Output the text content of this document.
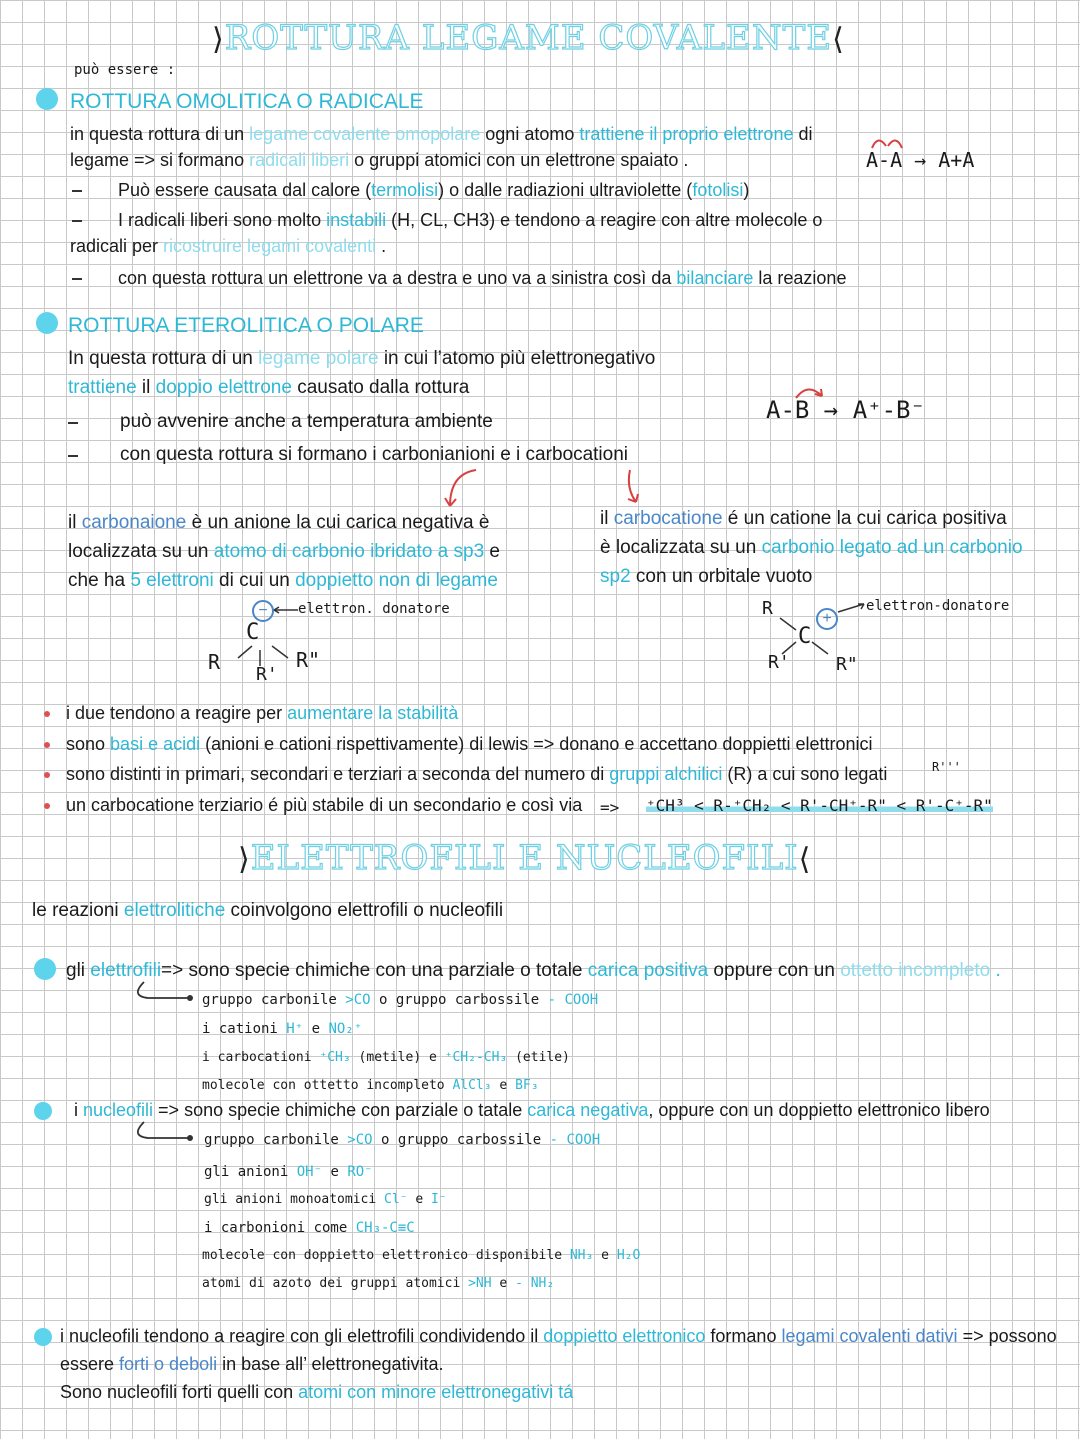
⟩ROTTURA LEGAME COVALENTE⟨
può essere :
ROTTURA OMOLITICA O RADICALE
in questa rottura di un legame covalente omopolare ogni atomo trattiene il proprio elettrone di
legame => si formano radicali liberi o gruppi atomici con un elettrone spaiato .
Può essere causata dal calore (termolisi) o dalle radiazioni ultraviolette (fotolisi)
I radicali liberi sono molto instabili (H, CL, CH3) e tendono a reagire con altre molecole o
radicali per ricostruire legami covalenti .
con questa rottura un elettrone va a destra e uno va a sinistra così da bilanciare la reazione
A-A → A+A
ROTTURA ETEROLITICA O POLARE
In questa rottura di un legame polare in cui l’atomo più elettronegativo
trattiene il doppio elettrone causato dalla rottura
può avvenire anche a temperatura ambiente
con questa rottura si formano i carbonianioni e i carbocationi
A-B → A⁺-B⁻
il carbonaione è un anione la cui carica negativa è
localizzata su un atomo di carbonio ibridato a sp3 e
che ha 5 elettroni di cui un doppietto non di legame
−	elettron. donatore
C
R
R'
R"
il carbocatione é un catione la cui carica positiva
è localizzata su un carbonio legato ad un carbonio
sp2 con un orbitale vuoto
R	+
elettron-donatore
C
R'	R"
i due tendono a reagire per aumentare la stabilità
sono basi e acidi (anioni e cationi rispettivamente) di lewis => donano e accettano doppietti elettronici
sono distinti in primari, secondari e terziari a seconda del numero di gruppi alchilici (R) a cui sono legati
un carbocatione terziario é più stabile di un secondario e così via =>
R'''
⁺CH³ < R-⁺CH₂ < R'-CH⁺-R" < R'-C⁺-R"
⟩ELETTROFILI E NUCLEOFILI⟨
le reazioni elettrolitiche coinvolgono elettrofili o nucleofili
gli elettrofili=> sono specie chimiche con una parziale o totale carica positiva oppure con un ottetto incompleto .
gruppo carbonile >CO o gruppo carbossile - COOH
i cationi H⁺ e NO₂⁺
i carbocationi ⁺CH₃ (metile) e ⁺CH₂-CH₃ (etile)
molecole con ottetto incompleto AlCl₃ e BF₃
i nucleofili => sono specie chimiche con parziale o tatale carica negativa, oppure con un doppietto elettronico libero
gruppo carbonile >CO o gruppo carbossile - COOH
gli anioni OH⁻ e RO⁻
gli anioni monoatomici Cl⁻ e I⁻
i carbonioni come CH₃-C≡C
molecole con doppietto elettronico disponibile NH₃ e H₂O
atomi di azoto dei gruppi atomici >NH e - NH₂
i nucleofili tendono a reagire con gli elettrofili condividendo il doppietto elettronico formano legami covalenti dativi => possono
essere forti o deboli in base all’ elettronegativita.
Sono nucleofili forti quelli con atomi con minore elettronegativi tá
